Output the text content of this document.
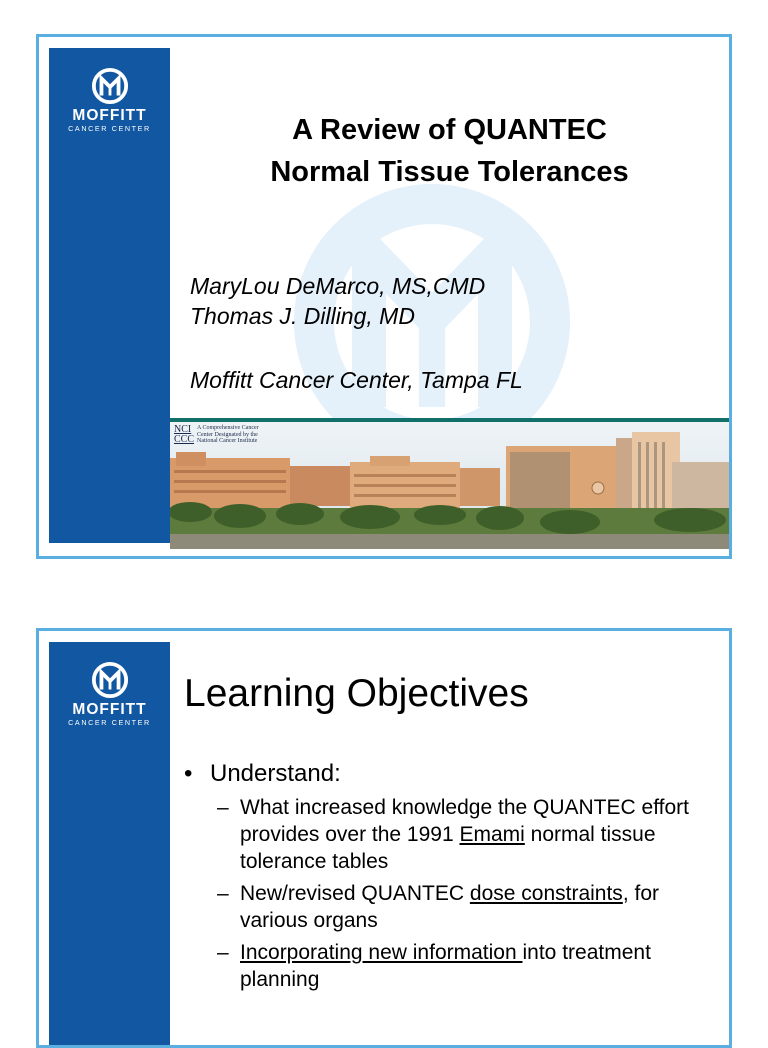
MOFFITT
CANCER CENTER	A Review of QUANTEC
Normal Tissue Tolerances
MaryLou DeMarco, MS,CMD
Thomas J. Dilling, MD
Moffitt Cancer Center, Tampa FL
NCI
CCC
A Comprehensive Cancer Center Designated by the National Cancer Institute
MOFFITT
CANCER CENTER
Learning Objectives
• Understand:
– What increased knowledge the QUANTEC effort provides over the 1991 Emami normal tissue tolerance tables
– New/revised QUANTEC dose constraints, for various organs
– Incorporating new information into treatment planning
